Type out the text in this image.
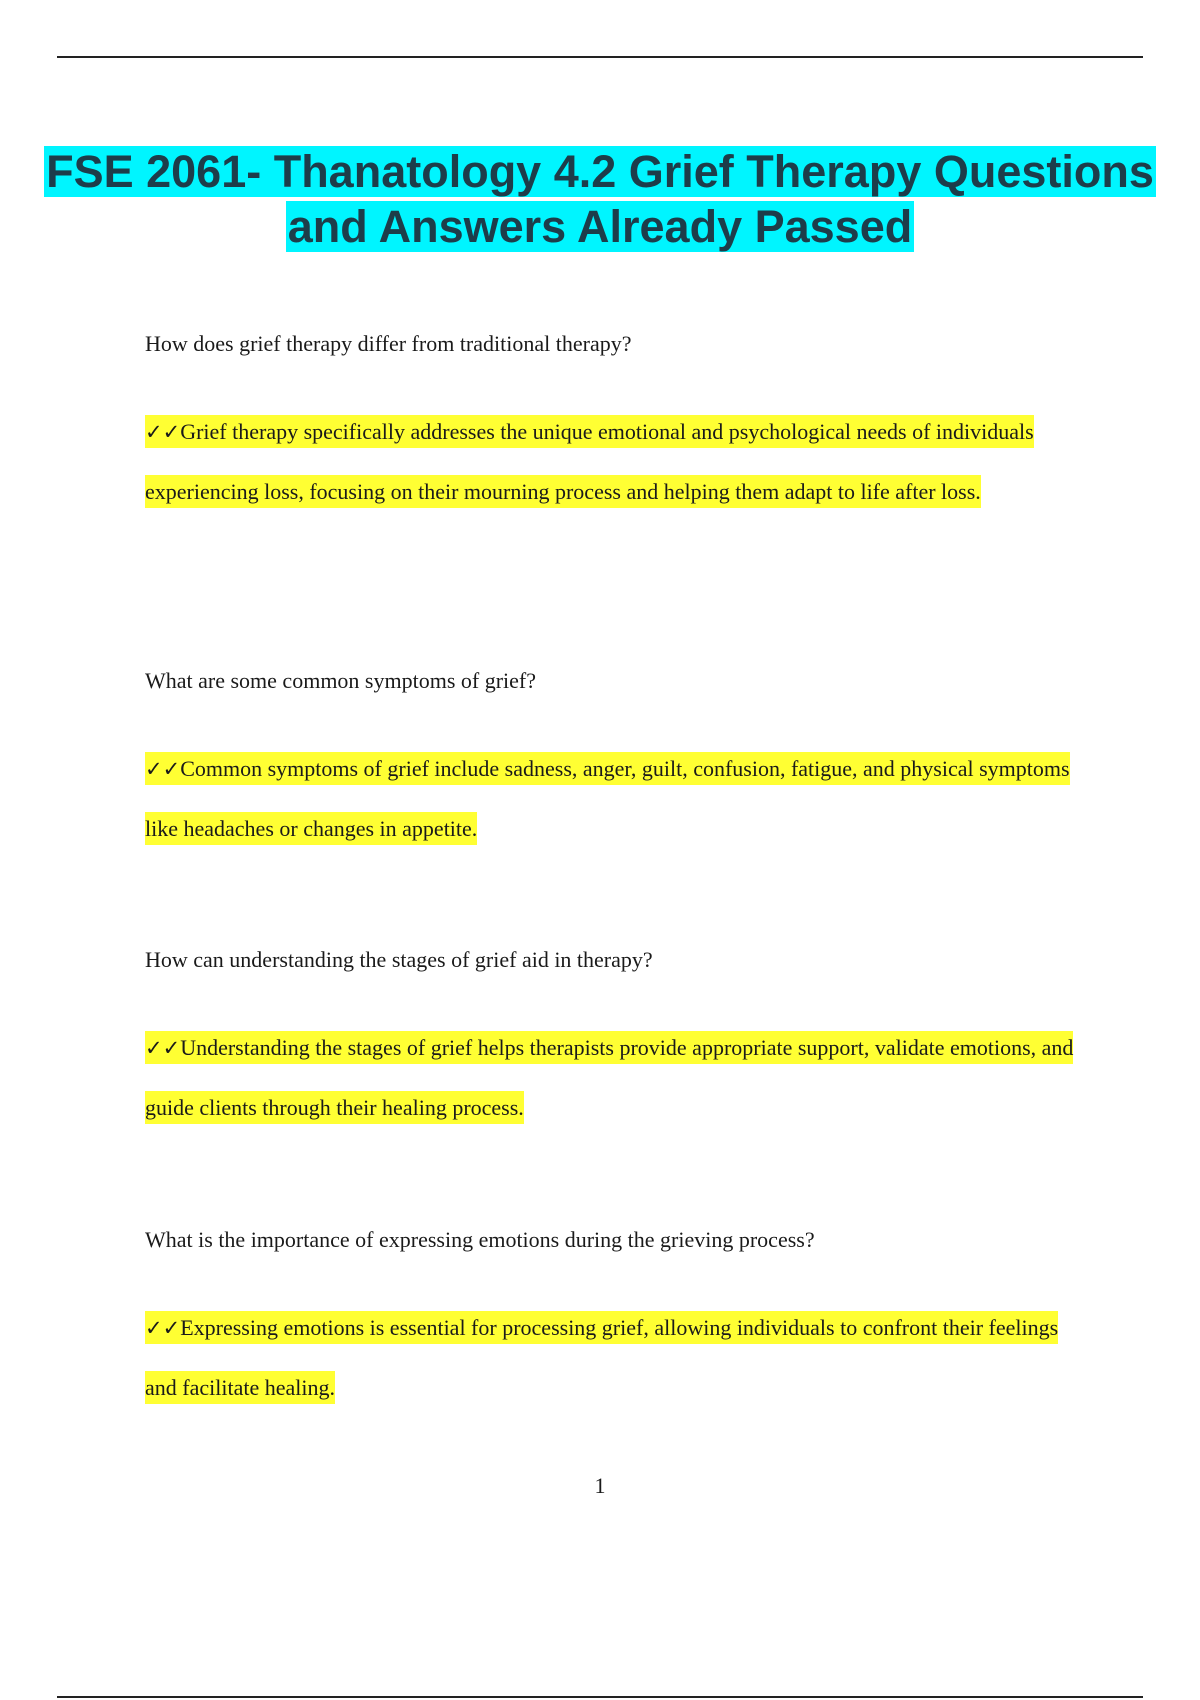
FSE 2061- Thanatology 4.2 Grief Therapy Questions and Answers Already Passed
How does grief therapy differ from traditional therapy?
✓✓Grief therapy specifically addresses the unique emotional and psychological needs of individuals experiencing loss, focusing on their mourning process and helping them adapt to life after loss.
What are some common symptoms of grief?
✓✓Common symptoms of grief include sadness, anger, guilt, confusion, fatigue, and physical symptoms like headaches or changes in appetite.
How can understanding the stages of grief aid in therapy?
✓✓Understanding the stages of grief helps therapists provide appropriate support, validate emotions, and guide clients through their healing process.
What is the importance of expressing emotions during the grieving process?
✓✓Expressing emotions is essential for processing grief, allowing individuals to confront their feelings and facilitate healing.
1
